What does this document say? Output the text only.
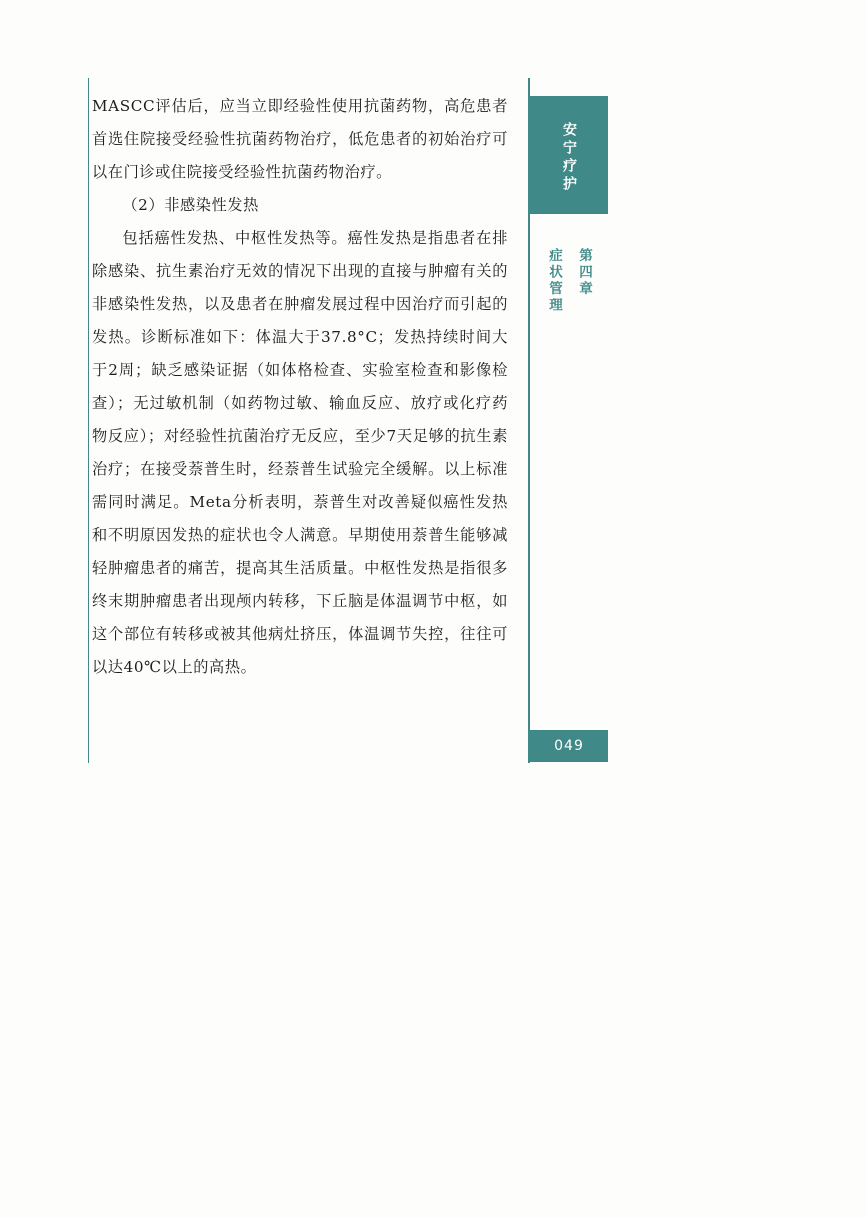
MASCC评估后，应当立即经验性使用抗菌药物，高危患者首选住院接受经验性抗菌药物治疗，低危患者的初始治疗可以在门诊或住院接受经验性抗菌药物治疗。

（2）非感染性发热

包括癌性发热、中枢性发热等。癌性发热是指患者在排除感染、抗生素治疗无效的情况下出现的直接与肿瘤有关的非感染性发热，以及患者在肿瘤发展过程中因治疗而引起的发热。诊断标准如下：体温大于37.8°C；发热持续时间大于2周；缺乏感染证据（如体格检查、实验室检查和影像检查）；无过敏机制（如药物过敏、输血反应、放疗或化疗药物反应）；对经验性抗菌治疗无反应，至少7天足够的抗生素治疗；在接受萘普生时，经萘普生试验完全缓解。以上标准需同时满足。Meta分析表明，萘普生对改善疑似癌性发热和不明原因发热的症状也令人满意。早期使用萘普生能够减轻肿瘤患者的痛苦，提高其生活质量。中枢性发热是指很多终末期肿瘤患者出现颅内转移，下丘脑是体温调节中枢，如这个部位有转移或被其他病灶挤压，体温调节失控，往往可以达40℃以上的高热。

安宁疗护
第四章
症状管理
049
